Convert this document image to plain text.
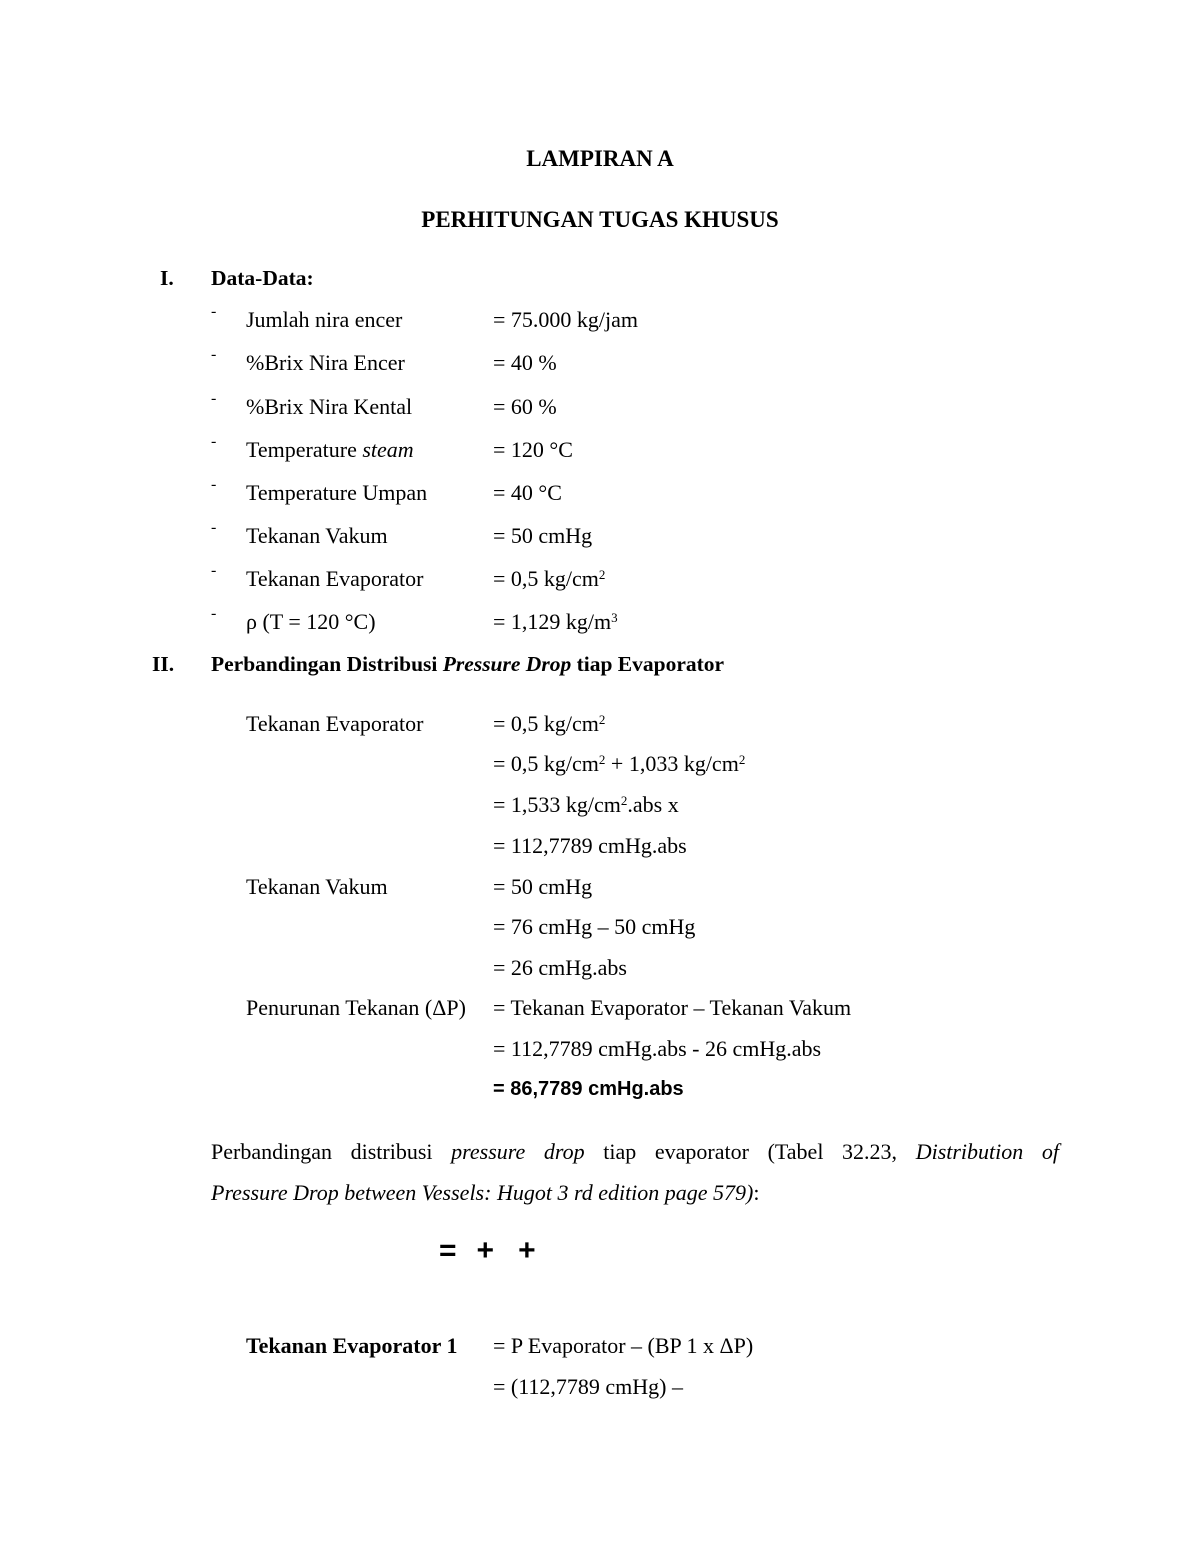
LAMPIRAN A
PERHITUNGAN TUGAS KHUSUS
I. Data-Data:
- Jumlah nira encer	= 75.000 kg/jam
- %Brix Nira Encer	= 40 %
- %Brix Nira Kental	= 60 %
- Temperature steam	= 120 °C
- Temperature Umpan	= 40 °C
- Tekanan Vakum	= 50 cmHg
- Tekanan Evaporator	= 0,5 $kg/cm^2$
- ρ (T = 120 °C)	= 1,129 $kg/m^3$
II. Perbandingan Distribusi Pressure Drop tiap Evaporator
Tekanan Evaporator	= 0,5 $kg/cm^2$
= 0,5 $kg/cm^2 + 1,033$ $kg/cm^2$
= 1,533 $kg/cm^2.abs$ x
= 112,7789 cmHg.abs
Tekanan Vakum	= 50 cmHg
= 76 cmHg – 50 cmHg
= 26 cmHg.abs
Penurunan Tekanan (ΔP) = Tekanan Evaporator – Tekanan Vakum
= 112,7789 cmHg.abs - 26 cmHg.abs
= 86,7789 cmHg.abs
Perbandingan distribusi pressure drop tiap evaporator (Tabel 32.23, Distribution of
Pressure Drop between Vessels: Hugot 3 rd edition page 579):
= + +
Tekanan Evaporator 1 = P Evaporator – (BP 1 x ΔP)
= (112,7789 cmHg) –
